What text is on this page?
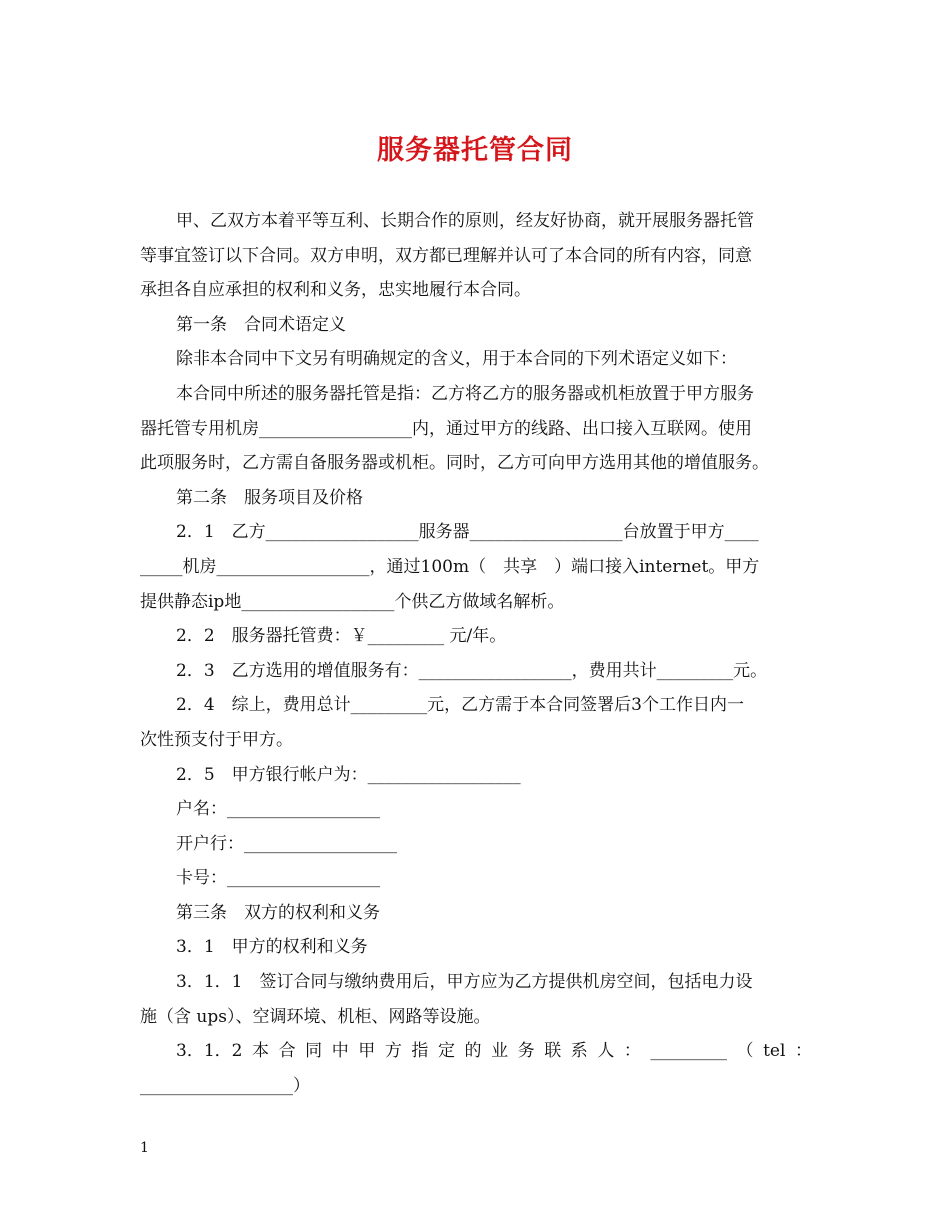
服务器托管合同
甲、乙双方本着平等互利、长期合作的原则，经友好协商，就开展服务器托管
等事宜签订以下合同。双方申明，双方都已理解并认可了本合同的所有内容，同意
承担各自应承担的权利和义务，忠实地履行本合同。
第一条　合同术语定义
除非本合同中下文另有明确规定的含义，用于本合同的下列术语定义如下：
本合同中所述的服务器托管是指：乙方将乙方的服务器或机柜放置于甲方服务
器托管专用机房__________________内，通过甲方的线路、出口接入互联网。使用
此项服务时，乙方需自备服务器或机柜。同时，乙方可向甲方选用其他的增值服务。
第二条　服务项目及价格
2．1　乙方__________________服务器__________________台放置于甲方____
_____机房__________________，通过100m（　共享　）端口接入internet。甲方
提供静态ip地__________________个供乙方做域名解析。
2．2　服务器托管费：￥_________ 元/年。
2．3　乙方选用的增值服务有：__________________，费用共计_________元。
2．4　综上，费用总计_________元，乙方需于本合同签署后3个工作日内一
次性预支付于甲方。
2．5　甲方银行帐户为：__________________
户名：__________________
开户行：__________________
卡号：__________________
第三条　双方的权利和义务
3．1　甲方的权利和义务
3．1．1　签订合同与缴纳费用后，甲方应为乙方提供机房空间，包括电力设
施（含 ups）、空调环境、机柜、网路等设施。
3．1．2 本 合 同 中 甲 方 指 定 的 业 务 联 系 人 ： _________ （ tel ：
__________________）
1
